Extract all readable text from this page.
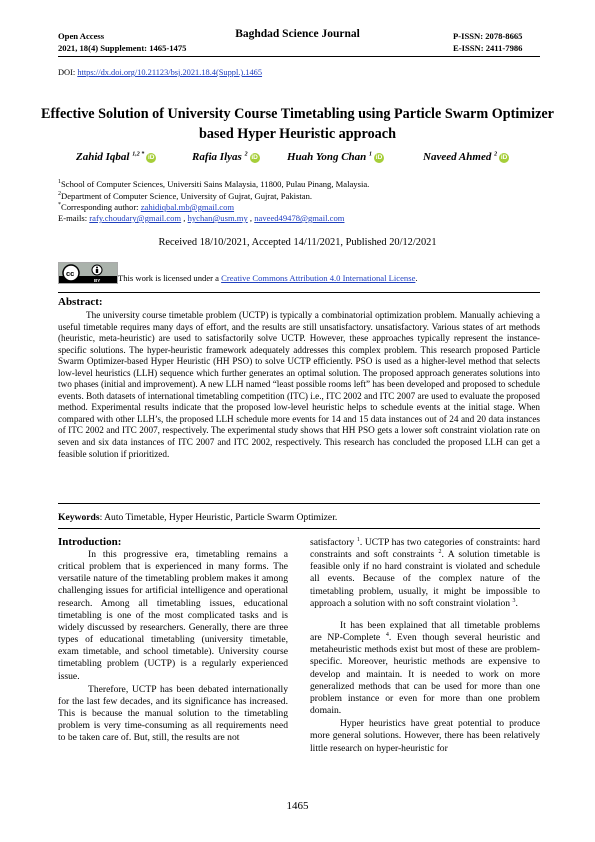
Open Access
2021, 18(4) Supplement: 1465-1475
Baghdad Science Journal	P-ISSN: 2078-8665
E-ISSN: 2411-7986
DOI: https://dx.doi.org/10.21123/bsj.2021.18.4(Suppl.).1465
Effective Solution of University Course Timetabling using Particle Swarm Optimizer based Hyper Heuristic approach
Zahid Iqbal $^{1,2 *}$ iD	Rafia Ilyas $^2$ iD	Huah Yong Chan $^1$ iD	Naveed Ahmed $^2$ iD
$^1$School of Computer Sciences, Universiti Sains Malaysia, 11800, Pulau Pinang, Malaysia.
$^2$Department of Computer Science, University of Gujrat, Gujrat, Pakistan.
*Corresponding author: zahidiqbal.mb@gmail.com
E-mails: rafy.choudary@gmail.com , hychan@usm.my , naveed49478@gmail.com
Received 18/10/2021, Accepted 14/11/2021, Published 20/12/2021
cc
BY This work is licensed under a Creative Commons Attribution 4.0 International License.
Abstract:
The university course timetable problem (UCTP) is typically a combinatorial optimization problem. Manually achieving a useful timetable requires many days of effort, and the results are still unsatisfactory. unsatisfactory. Various states of art methods (heuristic, meta-heuristic) are used to satisfactorily solve UCTP. However, these approaches typically represent the instance-specific solutions. The hyper-heuristic framework adequately addresses this complex problem. This research proposed Particle Swarm Optimizer-based Hyper Heuristic (HH PSO) to solve UCTP efficiently. PSO is used as a higher-level method that selects low-level heuristics (LLH) sequence which further generates an optimal solution. The proposed approach generates solutions into two phases (initial and improvement). A new LLH named “least possible rooms left” has been developed and proposed to schedule events. Both datasets of international timetabling competition (ITC) i.e., ITC 2002 and ITC 2007 are used to evaluate the proposed method. Experimental results indicate that the proposed low-level heuristic helps to schedule events at the initial stage. When compared with other LLH’s, the proposed LLH schedule more events for 14 and 15 data instances out of 24 and 20 data instances of ITC 2002 and ITC 2007, respectively. The experimental study shows that HH PSO gets a lower soft constraint violation rate on seven and six data instances of ITC 2007 and ITC 2002, respectively. This research has concluded the proposed LLH can get a feasible solution if prioritized.
Keywords: Auto Timetable, Hyper Heuristic, Particle Swarm Optimizer.
Introduction:
In this progressive era, timetabling remains a critical problem that is experienced in many forms. The versatile nature of the timetabling problem makes it among challenging issues for artificial intelligence and operational research. Among all timetabling issues, educational timetabling is one of the most complicated tasks and is widely discussed by researchers. Generally, there are three types of educational timetabling (university timetable, exam timetable, and school timetable). University course timetabling problem (UCTP) is a regularly experienced issue.
Therefore, UCTP has been debated internationally for the last few decades, and its significance has increased. This is because the manual solution to the timetabling problem is very time-consuming as all requirements need to be taken care of. But, still, the results are not
satisfactory $^1$. UCTP has two categories of constraints: hard constraints and soft constraints $^2$. A solution timetable is feasible only if no hard constraint is violated and schedule all events. Because of the complex nature of the timetabling problem, usually, it might be impossible to approach a solution with no soft constraint violation $^3$.
It has been explained that all timetable problems are NP-Complete $^4$. Even though several heuristic and metaheuristic methods exist but most of these are problem-specific. Moreover, heuristic methods are expensive to develop and maintain. It is needed to work on more generalized methods that can be used for more than one problem instance or even for more than one problem domain.
Hyper heuristics have great potential to produce more general solutions. However, there has been relatively little research on hyper-heuristic for
1465
